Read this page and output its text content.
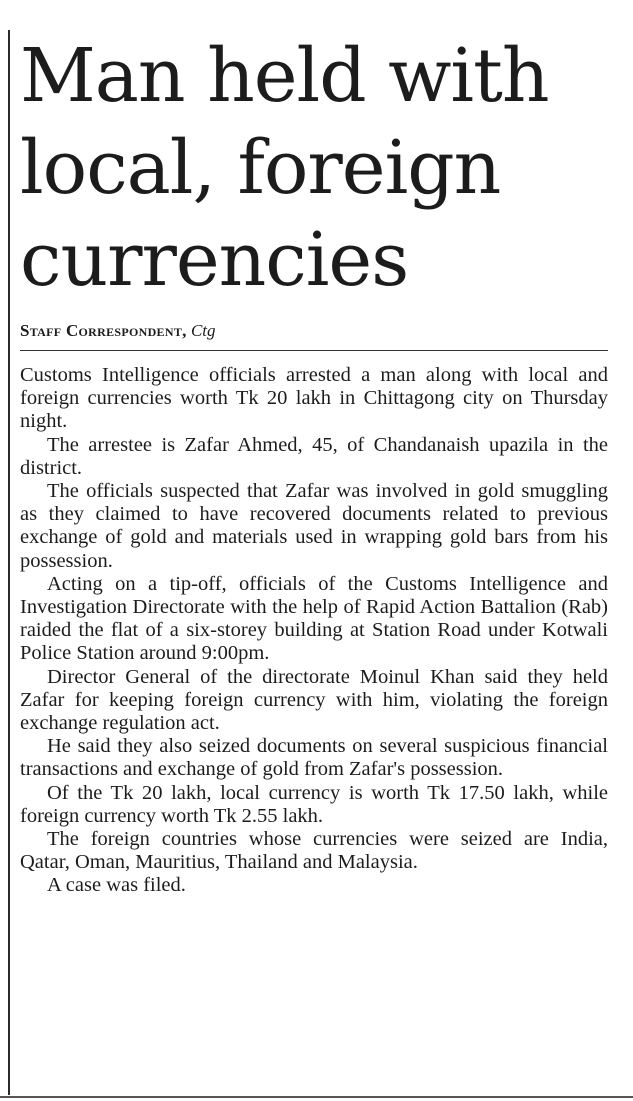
Man held with
local, foreign
currencies
Staff Correspondent, Ctg

Customs Intelligence officials arrested a man along with local and foreign currencies worth Tk 20 lakh in Chittagong city on Thursday night.

The arrestee is Zafar Ahmed, 45, of Chandanaish upazila in the district.

The officials suspected that Zafar was involved in gold smuggling as they claimed to have recovered documents related to previous exchange of gold and materials used in wrapping gold bars from his possession.

Acting on a tip-off, officials of the Customs Intelligence and Investigation Directorate with the help of Rapid Action Battalion (Rab) raided the flat of a six-storey building at Station Road under Kotwali Police Station around 9:00pm.

Director General of the directorate Moinul Khan said they held Zafar for keeping foreign currency with him, violating the foreign exchange regulation act.

He said they also seized documents on several suspicious financial transactions and exchange of gold from Zafar's possession.

Of the Tk 20 lakh, local currency is worth Tk 17.50 lakh, while foreign currency worth Tk 2.55 lakh.

The foreign countries whose currencies were seized are India, Qatar, Oman, Mauritius, Thailand and Malaysia.

A case was filed.
